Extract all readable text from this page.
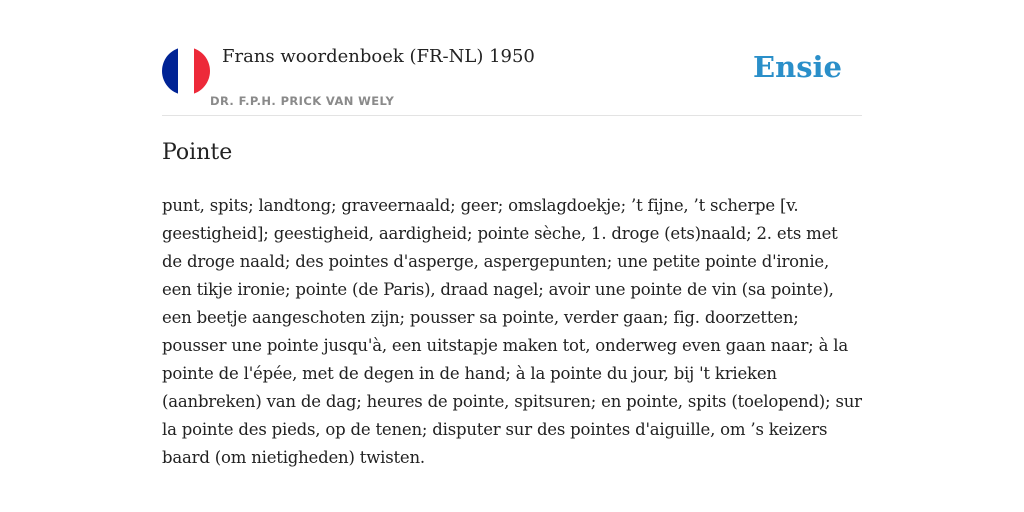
Frans woordenboek (FR-NL) 1950
DR. F.P.H. PRICK VAN WELY
Ensie
Pointe

punt, spits; landtong; graveernaald; geer; omslagdoekje; ’t fijne, ’t scherpe [v. geestigheid]; geestigheid, aardigheid; pointe sèche, 1. droge (ets)naald; 2. ets met de droge naald; des pointes d'asperge, aspergepunten; une petite pointe d'ironie, een tikje ironie; pointe (de Paris), draad nagel; avoir une pointe de vin (sa pointe), een beetje aangeschoten zijn; pousser sa pointe, verder gaan; fig. doorzetten; pousser une pointe jusqu'à, een uitstapje maken tot, onderweg even gaan naar; à la pointe de l'épée, met de degen in de hand; à la pointe du jour, bij 't krieken (aanbreken) van de dag; heures de pointe, spitsuren; en pointe, spits (toelopend); sur la pointe des pieds, op de tenen; disputer sur des pointes d'aiguille, om ’s keizers baard (om nietigheden) twisten.
